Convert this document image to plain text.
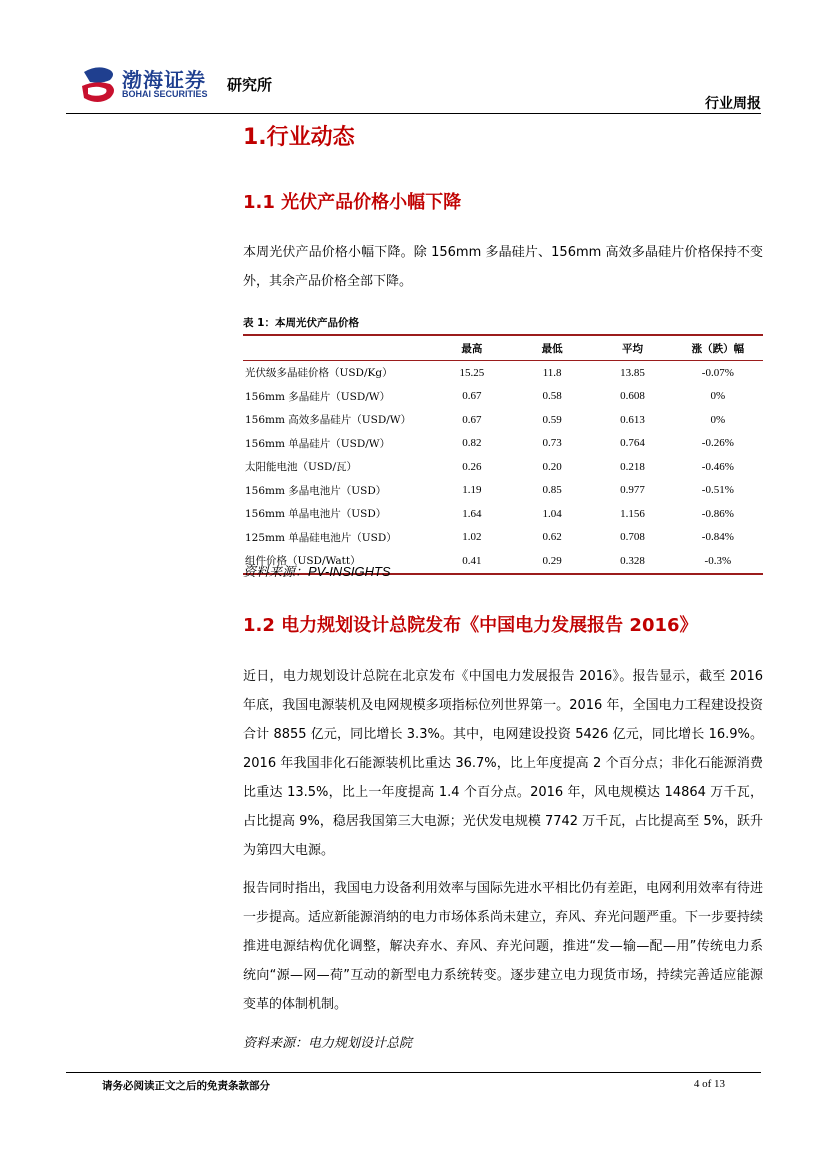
渤海证券
BOHAI SECURITIES 研究所
行业周报
1.行业动态
1.1 光伏产品价格小幅下降
本周光伏产品价格小幅下降。除 156mm 多晶硅片、156mm 高效多晶硅片价格保持不变外，其余产品价格全部下降。
表 1：本周光伏产品价格
	最高	最低	平均	涨（跌）幅
光伏级多晶硅价格（USD/Kg）	15.25	11.8	13.85	-0.07%
156mm 多晶硅片（USD/W）	0.67	0.58	0.608	0%
156mm 高效多晶硅片（USD/W）	0.67	0.59	0.613	0%
156mm 单晶硅片（USD/W）	0.82	0.73	0.764	-0.26%
太阳能电池（USD/瓦）	0.26	0.20	0.218	-0.46%
156mm 多晶电池片（USD）	1.19	0.85	0.977	-0.51%
156mm 单晶电池片（USD）	1.64	1.04	1.156	-0.86%
125mm 单晶硅电池片（USD）	1.02	0.62	0.708	-0.84%
组件价格（USD/Watt）	0.41	0.29	0.328	-0.3%
资料来源：PV-INSIGHTS
1.2 电力规划设计总院发布《中国电力发展报告 2016》
近日，电力规划设计总院在北京发布《中国电力发展报告 2016》。报告显示，截至 2016 年底，我国电源装机及电网规模多项指标位列世界第一。2016 年，全国电力工程建设投资合计 8855 亿元，同比增长 3.3%。其中，电网建设投资 5426 亿元，同比增长 16.9%。2016 年我国非化石能源装机比重达 36.7%，比上年度提高 2 个百分点；非化石能源消费比重达 13.5%，比上一年度提高 1.4 个百分点。2016 年，风电规模达 14864 万千瓦，占比提高 9%，稳居我国第三大电源；光伏发电规模 7742 万千瓦，占比提高至 5%，跃升为第四大电源。
报告同时指出，我国电力设备利用效率与国际先进水平相比仍有差距，电网利用效率有待进一步提高。适应新能源消纳的电力市场体系尚未建立，弃风、弃光问题严重。下一步要持续推进电源结构优化调整，解决弃水、弃风、弃光问题，推进“发—输—配—用”传统电力系统向“源—网—荷”互动的新型电力系统转变。逐步建立电力现货市场，持续完善适应能源变革的体制机制。
资料来源：电力规划设计总院
请务必阅读正文之后的免责条款部分	4 of 13
